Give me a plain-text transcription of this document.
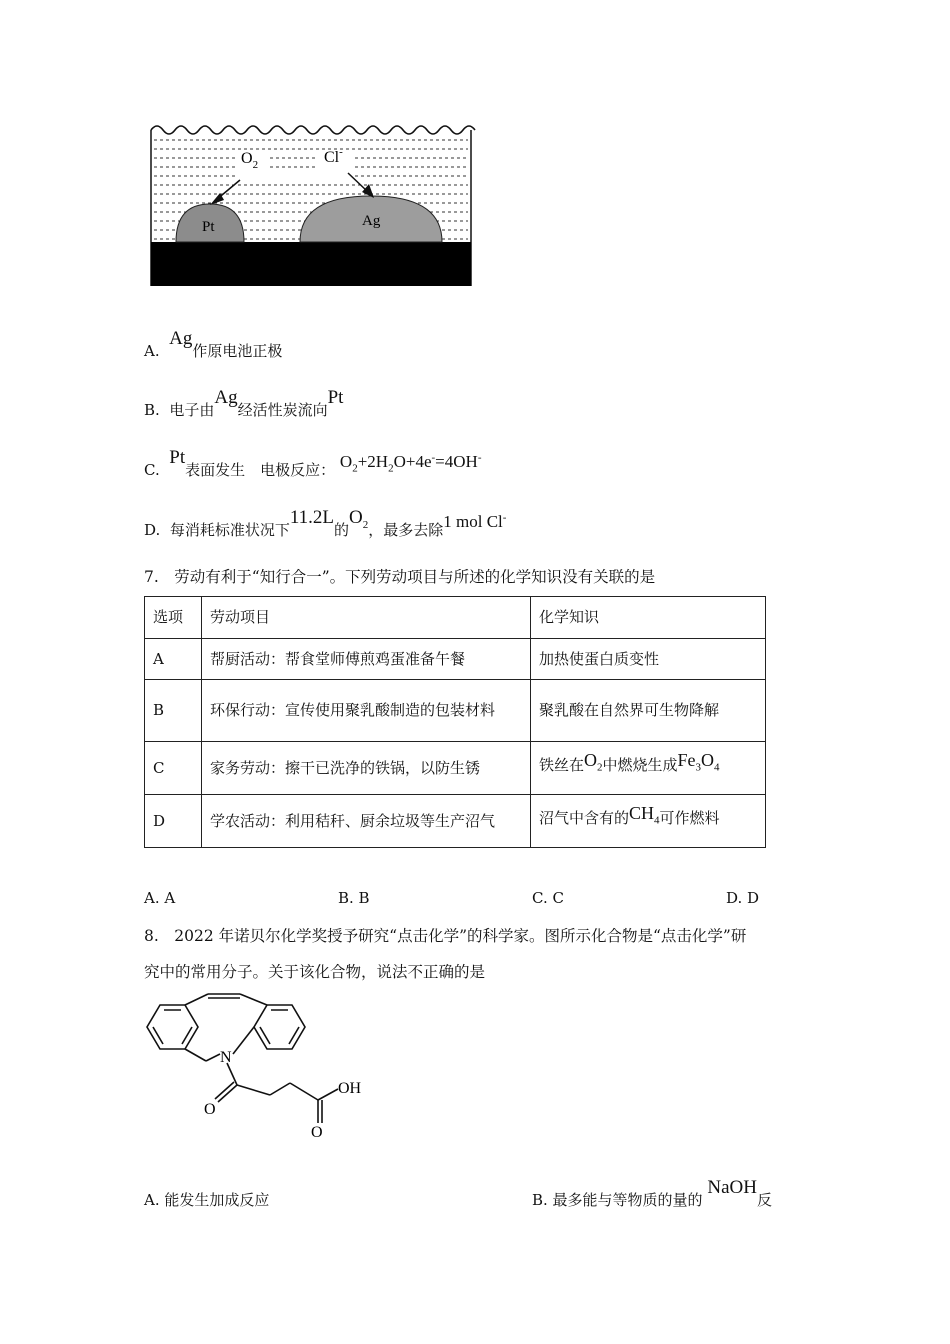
$O_2$	Cl-
Pt	Ag
A.  Ag作原电池正极
B. 电子由Ag经活性炭流向Pt
C.  Pt表面发生　电极反应： $O_2+2H_2O+4e^-=4OH^-$
D. 每消耗标准状况下11.2L的$O_2$，最多去除1 mol Cl-
7.　劳动有利于“知行合一”。下列劳动项目与所述的化学知识没有关联的是
选项	劳动项目	化学知识
A	帮厨活动：帮食堂师傅煎鸡蛋准备午餐	加热使蛋白质变性
B	环保行动：宣传使用聚乳酸制造的包装材料	聚乳酸在自然界可生物降解
C	家务劳动：擦干已洗净的铁锅，以防生锈	铁丝在$O_2$中燃烧生成$Fe_3O_4$
D	学农活动：利用秸秆、厨余垃圾等生产沼气	沼气中含有的$CH_4$可作燃料
A. A	B. B	C. C	D. D
8.　2022 年诺贝尔化学奖授予研究“点击化学”的科学家。图所示化合物是“点击化学”研
究中的常用分子。关于该化合物，说法不正确的是
N
O
O
OH
A. 能发生加成反应	B. 最多能与等物质的量的 NaOH反
